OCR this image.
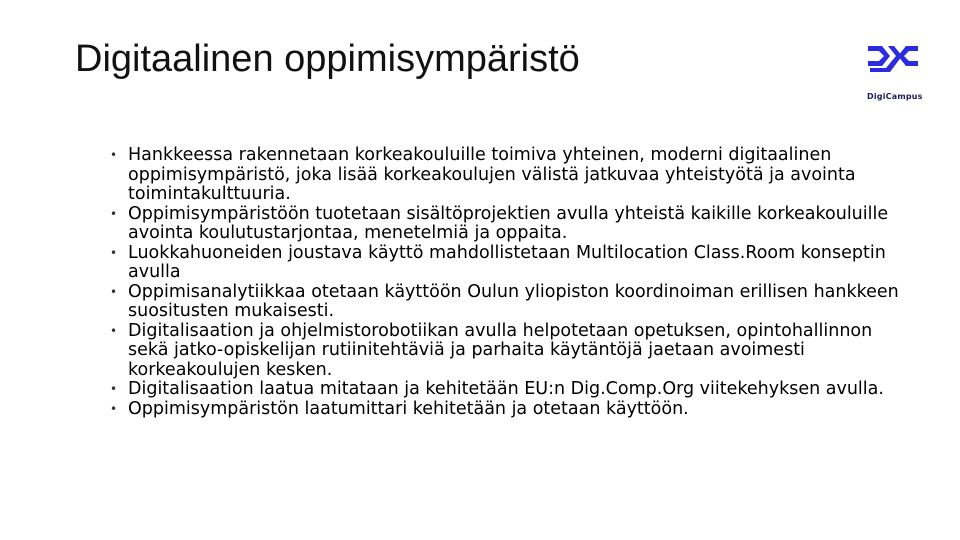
Digitaalinen oppimisympäristö
DigiCampus
• Hankkeessa rakennetaan korkeakouluille toimiva yhteinen, moderni digitaalinen oppimisympäristö, joka lisää korkeakoulujen välistä jatkuvaa yhteistyötä ja avointa toimintakulttuuria.
• Oppimisympäristöön tuotetaan sisältöprojektien avulla yhteistä kaikille korkeakouluille avointa koulutustarjontaa, menetelmiä ja oppaita.
• Luokkahuoneiden joustava käyttö mahdollistetaan Multilocation Class.Room konseptin avulla
• Oppimisanalytiikkaa otetaan käyttöön Oulun yliopiston koordinoiman erillisen hankkeen suositusten mukaisesti.
• Digitalisaation ja ohjelmistorobotiikan avulla helpotetaan opetuksen, opintohallinnon sekä jatko-opiskelijan rutiinitehtäviä ja parhaita käytäntöjä jaetaan avoimesti korkeakoulujen kesken.
• Digitalisaation laatua mitataan ja kehitetään EU:n Dig.Comp.Org viitekehyksen avulla.
• Oppimisympäristön laatumittari kehitetään ja otetaan käyttöön.
